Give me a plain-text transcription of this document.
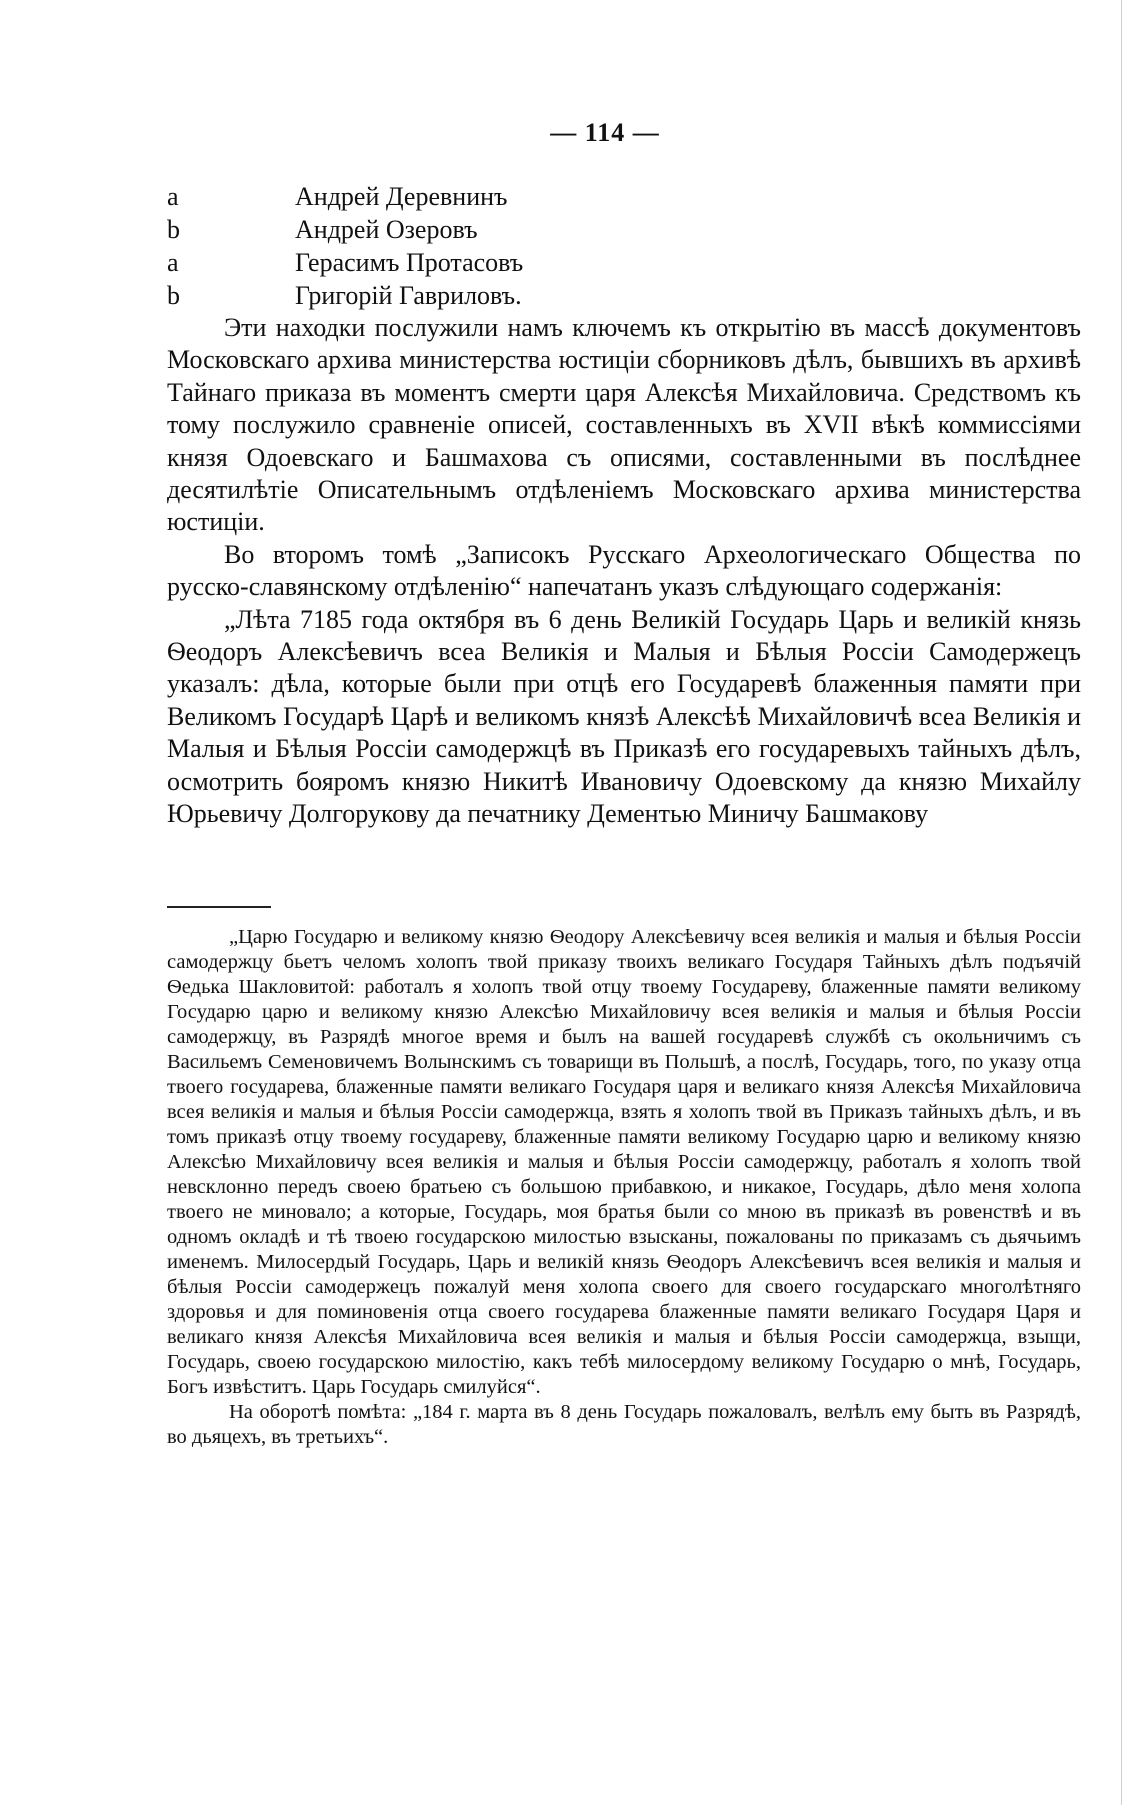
— 114 —
a	Андрей Деревнинъ
b	Андрей Озеровъ
a	Герасимъ Протасовъ
b	Григорій Гавриловъ.

Эти находки послужили намъ ключемъ къ открытію въ массѣ документовъ Московскаго архива министерства юстиціи сборниковъ дѣлъ, бывшихъ въ архивѣ Тайнаго приказа въ моментъ смерти царя Алексѣя Михайловича. Средствомъ къ тому послужило сравненіе описей, составленныхъ въ XVII вѣкѣ коммиссіями князя Одоевскаго и Башмахова съ описями, составленными въ послѣднее десятилѣтіе Описательнымъ отдѣленіемъ Московскаго архива министерства юстиціи.

Во второмъ томѣ „Записокъ Русскаго Археологическаго Общества по русско-славянскому отдѣленію“ напечатанъ указъ слѣдующаго содержанія:

„Лѣта 7185 года октября въ 6 день Великій Государь Царь и великій князь Ѳеодоръ Алексѣевичъ всеа Великія и Малыя и Бѣлыя Россіи Самодержецъ указалъ: дѣла, которые были при отцѣ его Государевѣ блаженныя памяти при Великомъ Государѣ Царѣ и великомъ князѣ Алексѣѣ Михайловичѣ всеа Великія и Малыя и Бѣлыя Россіи самодержцѣ въ Приказѣ его государевыхъ тайныхъ дѣлъ, осмотрить бояромъ князю Никитѣ Ивановичу Одоевскому да князю Михайлу Юрьевичу Долгорукову да печатнику Дементью Миничу Башмакову

„Царю Государю и великому князю Ѳеодору Алексѣевичу всея великія и малыя и бѣлыя Россіи самодержцу бьетъ челомъ холопъ твой приказу твоихъ великаго Государя Тайныхъ дѣлъ подъячій Ѳедька Шакловитой: работалъ я холопъ твой отцу твоему Государеву, блаженные памяти великому Государю царю и великому князю Алексѣю Михайловичу всея великія и малыя и бѣлыя Россіи самодержцу, въ Разрядѣ многое время и былъ на вашей государевѣ службѣ съ окольничимъ съ Васильемъ Семеновичемъ Волынскимъ съ товарищи въ Польшѣ, а послѣ, Государь, того, по указу отца твоего государева, блаженные памяти великаго Государя царя и великаго князя Алексѣя Михайловича всея великія и малыя и бѣлыя Россіи самодержца, взять я холопъ твой въ Приказъ тайныхъ дѣлъ, и въ томъ приказѣ отцу твоему государеву, блаженные памяти великому Государю царю и великому князю Алексѣю Михайловичу всея великія и малыя и бѣлыя Россіи самодержцу, работалъ я холопъ твой невсклонно передъ своею братьею съ большою прибавкою, и никакое, Государь, дѣло меня холопа твоего не миновало; а которые, Государь, моя братья были со мною въ приказѣ въ ровенствѣ и въ одномъ окладѣ и тѣ твоею государскою милостью взысканы, пожалованы по приказамъ съ дьячьимъ именемъ. Милосердый Государь, Царь и великій князь Ѳеодоръ Алексѣевичъ всея великія и малыя и бѣлыя Россіи самодержецъ пожалуй меня холопа своего для своего государскаго многолѣтняго здоровья и для поминовенія отца своего государева блаженные памяти великаго Государя Царя и великаго князя Алексѣя Михайловича всея великія и малыя и бѣлыя Россіи самодержца, взыщи, Государь, своею государскою милостію, какъ тебѣ милосердому великому Государю о мнѣ, Государь, Богъ извѣститъ. Царь Государь смилуйся“.

На оборотѣ помѣта: „184 г. марта въ 8 день Государь пожаловалъ, велѣлъ ему быть въ Разрядѣ, во дьяцехъ, въ третьихъ“.
